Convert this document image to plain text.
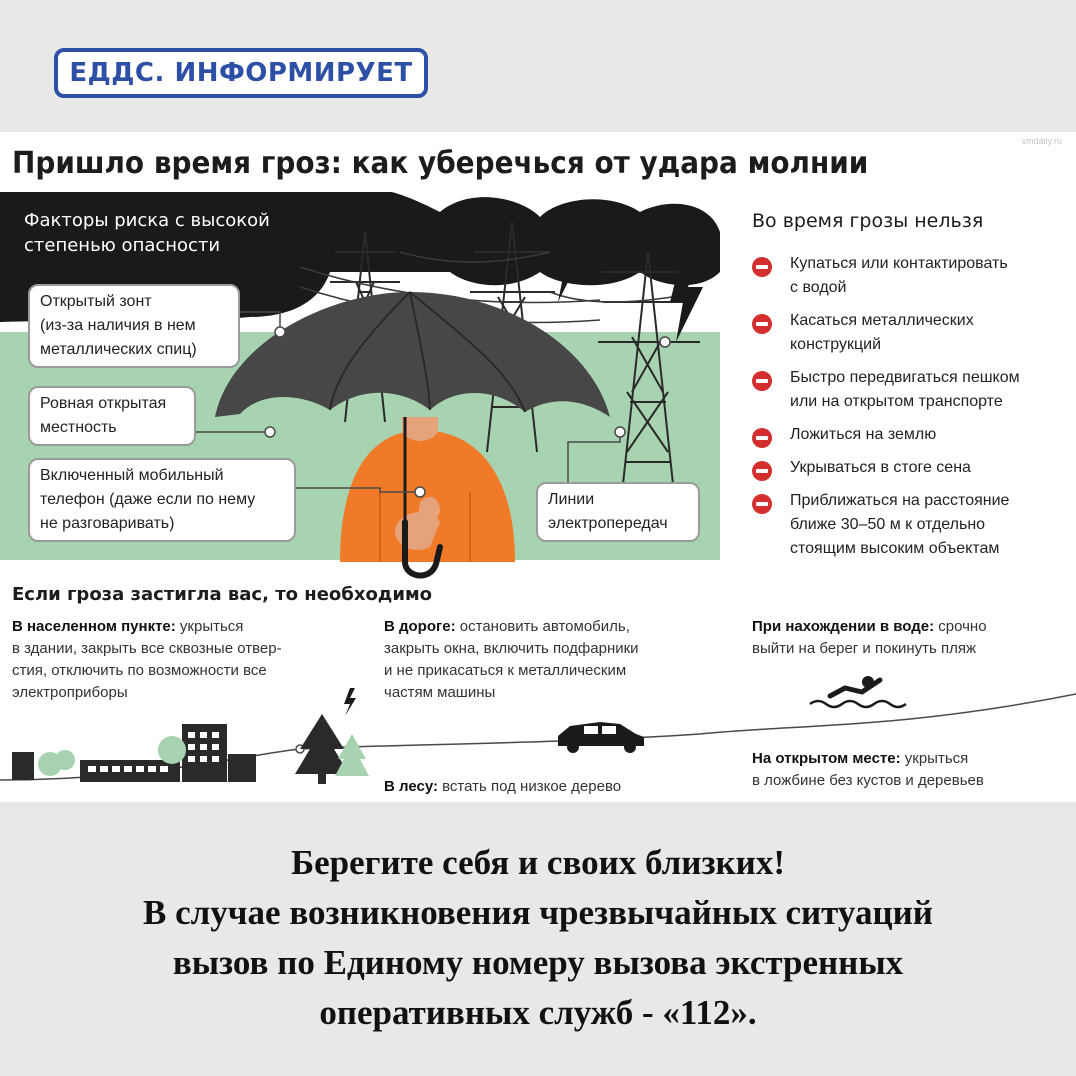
ЕДДС. ИНФОРМИРУЕТ
Пришло время гроз: как уберечься от удара молнии
vmdaily.ru
Факторы риска с высокой
степенью опасности
Открытый зонт
(из-за наличия в нем
металлических спиц)
Ровная открытая
местность
Включенный мобильный
телефон (даже если по нему
не разговаривать)
Линии
электропередач
Во время грозы нельзя
Купаться или контактировать
с водой
Касаться металлических
конструкций
Быстро передвигаться пешком
или на открытом транспорте
Ложиться на землю
Укрываться в стоге сена
Приближаться на расстояние
ближе 30–50 м к отдельно
стоящим высоким объектам
Если гроза застигла вас, то необходимо
В населенном пункте: укрыться
в здании, закрыть все сквозные отвер-
стия, отключить по возможности все
электроприборы
В дороге: остановить автомобиль,
закрыть окна, включить подфарники
и не прикасаться к металлическим
частям машины
При нахождении в воде: срочно
выйти на берег и покинуть пляж
На открытом месте: укрыться
в ложбине без кустов и деревьев
В лесу: встать под низкое дерево
Берегите себя и своих близких!
В случае возникновения чрезвычайных ситуаций
вызов по Единому номеру вызова экстренных
оперативных служб - «112».
